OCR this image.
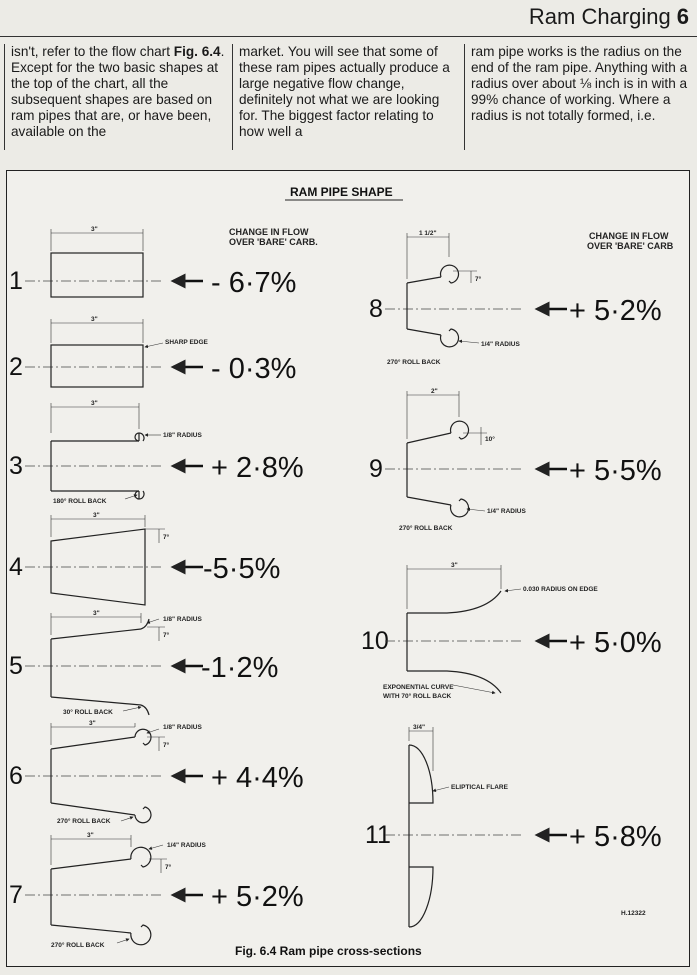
Ram Charging 6

isn't, refer to the flow chart Fig. 6.4. Except for the two basic shapes at the top of the chart, all the subsequent shapes are based on ram pipes that are, or have been, available on the

market. You will see that some of these ram pipes actually produce a large negative flow change, definitely not what we are looking for. The biggest factor relating to how well a

ram pipe works is the radius on the end of the ram pipe. Anything with a radius over about ⅛ inch is in with a 99% chance of working. Where a radius is not totally formed, i.e.

RAM PIPE SHAPE
CHANGE IN FLOW
OVER 'BARE' CARB.
CHANGE IN FLOW
OVER 'BARE' CARB
1
3"
- 6·7%
2
3"
SHARP EDGE
- 0·3%
3
3"
1/8" RADIUS
180° ROLL BACK
+ 2·8%
4
3"
7°
-5·5%
5
3"
1/8" RADIUS
7°
30° ROLL BACK
-1·2%
6
3"
1/8" RADIUS
7°
270° ROLL BACK
+ 4·4%
7
3"
1/4" RADIUS
7°
270° ROLL BACK
+ 5·2%
8
1 1/2"
7°
1/4" RADIUS
270° ROLL BACK
+ 5·2%
9
2"
10°
1/4" RADIUS
270° ROLL BACK
+ 5·5%
10
3"
0.030 RADIUS ON EDGE
EXPONENTIAL CURVE
WITH 70° ROLL BACK
+ 5·0%
11
3/4"
ELIPTICAL FLARE
+ 5·8%
H.12322
Fig. 6.4 Ram pipe cross-sections
